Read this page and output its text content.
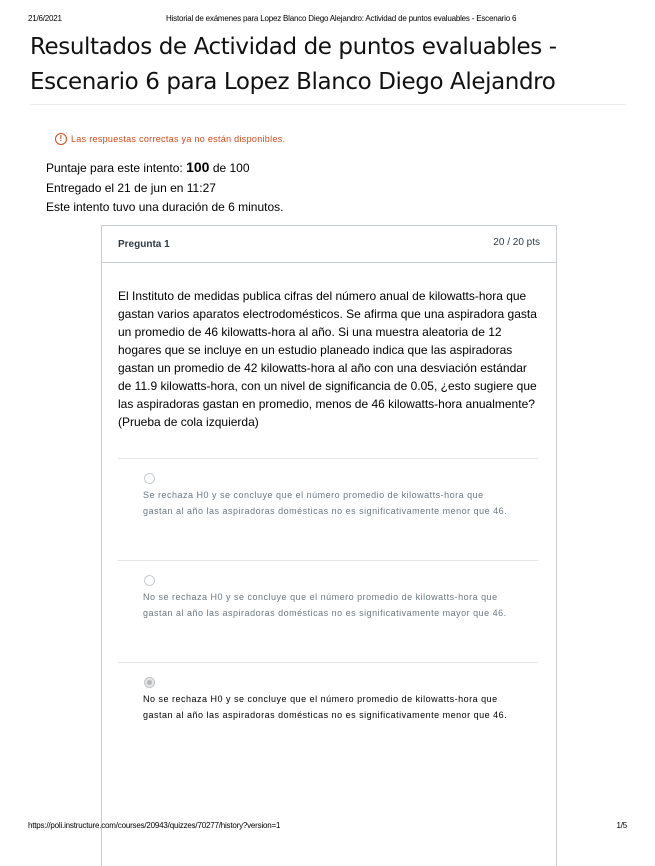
21/6/2021	Historial de exámenes para Lopez Blanco Diego Alejandro: Actividad de puntos evaluables - Escenario 6
Resultados de Actividad de puntos evaluables -
Escenario 6 para Lopez Blanco Diego Alejandro
! Las respuestas correctas ya no están disponibles.
Puntaje para este intento: 100 de 100
Entregado el 21 de jun en 11:27
Este intento tuvo una duración de 6 minutos.
Pregunta 1	20 / 20 pts
El Instituto de medidas publica cifras del número anual de kilowatts-hora que gastan varios aparatos electrodomésticos. Se afirma que una aspiradora gasta un promedio de 46 kilowatts-hora al año. Si una muestra aleatoria de 12 hogares que se incluye en un estudio planeado indica que las aspiradoras gastan un promedio de 42 kilowatts-hora al año con una desviación estándar de 11.9 kilowatts-hora, con un nivel de significancia de 0.05, ¿esto sugiere que las aspiradoras gastan en promedio, menos de 46 kilowatts-hora anualmente? (Prueba de cola izquierda)
Se rechaza H0 y se concluye que el número promedio de kilowatts-hora que gastan al año las aspiradoras domésticas no es significativamente menor que 46.
No se rechaza H0 y se concluye que el número promedio de kilowatts-hora que gastan al año las aspiradoras domésticas no es significativamente mayor que 46.
No se rechaza H0 y se concluye que el número promedio de kilowatts-hora que gastan al año las aspiradoras domésticas no es significativamente menor que 46.
https://poli.instructure.com/courses/20943/quizzes/70277/history?version=1	1/5
